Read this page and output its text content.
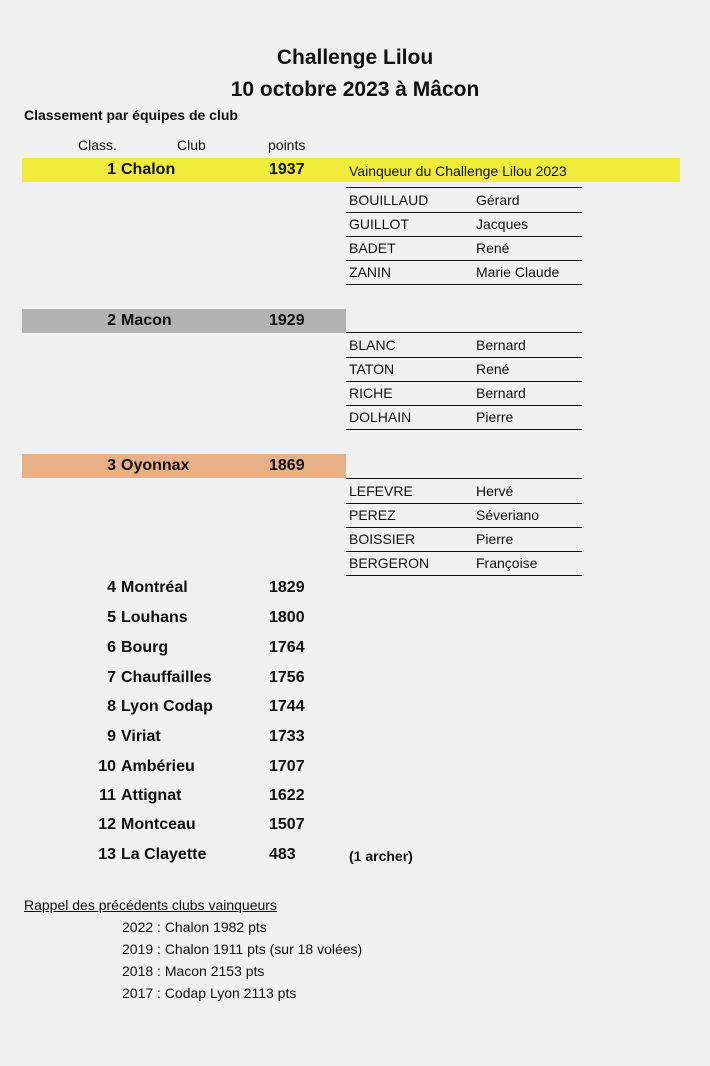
Challenge Lilou
10 octobre 2023 à Mâcon
Classement par équipes de club
Class.	Club	points
1 Chalon	1937	Vainqueur du Challenge Lilou 2023
BOUILLAUD	Gérard
GUILLOT	Jacques
BADET	René
ZANIN	Marie Claude
2 Macon	1929
BLANC	Bernard
TATON	René
RICHE	Bernard
DOLHAIN	Pierre
3 Oyonnax	1869
LEFEVRE	Hervé
PEREZ	Séveriano
BOISSIER	Pierre
BERGERON	Françoise
4 Montréal	1829
5 Louhans	1800
6 Bourg	1764
7 Chauffailles	1756
8 Lyon Codap	1744
9 Viriat	1733
10 Ambérieu	1707
11 Attignat	1622
12 Montceau	1507
13 La Clayette	483	(1 archer)
Rappel des précédents clubs vainqueurs
2022 : Chalon 1982 pts
2019 : Chalon 1911 pts (sur 18 volées)
2018 : Macon 2153 pts
2017 : Codap Lyon 2113 pts
